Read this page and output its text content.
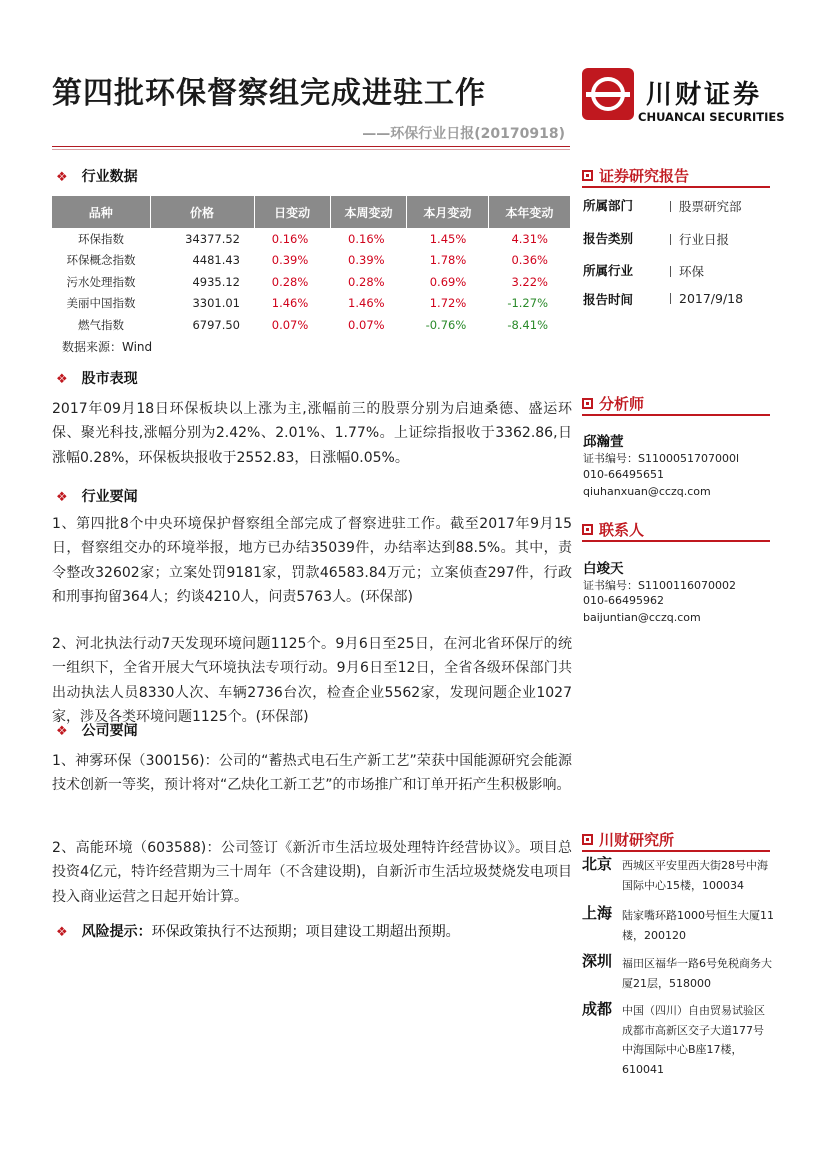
第四批环保督察组完成进驻工作
——环保行业日报(20170918)
川财证券
CHUANCAI SECURITIES
❖ 行业数据
品种	价格	日变动	本周变动	本月变动	本年变动
环保指数	34377.52	0.16%	0.16%	1.45%	4.31%
环保概念指数	4481.43	0.39%	0.39%	1.78%	0.36%
污水处理指数	4935.12	0.28%	0.28%	0.69%	3.22%
美丽中国指数	3301.01	1.46%	1.46%	1.72%	-1.27%
燃气指数	6797.50	0.07%	0.07%	-0.76%	-8.41%
数据来源：Wind
❖ 股市表现
2017年09月18日环保板块以上涨为主,涨幅前三的股票分别为启迪桑德、盛运环保、聚光科技,涨幅分别为2.42%、2.01%、1.77%。上证综指报收于3362.86,日涨幅0.28%，环保板块报收于2552.83，日涨幅0.05%。
❖ 行业要闻
1、第四批8个中央环境保护督察组全部完成了督察进驻工作。截至2017年9月15日，督察组交办的环境举报，地方已办结35039件，办结率达到88.5%。其中，责令整改32602家；立案处罚9181家，罚款46583.84万元；立案侦查297件，行政和刑事拘留364人；约谈4210人，问责5763人。(环保部)
2、河北执法行动7天发现环境问题1125个。9月6日至25日，在河北省环保厅的统一组织下，全省开展大气环境执法专项行动。9月6日至12日，全省各级环保部门共出动执法人员8330人次、车辆2736台次，检查企业5562家，发现问题企业1027家，涉及各类环境问题1125个。(环保部)
❖ 公司要闻
1、神雾环保（300156)：公司的“蓄热式电石生产新工艺”荣获中国能源研究会能源技术创新一等奖，预计将对“乙炔化工新工艺”的市场推广和订单开拓产生积极影响。
2、高能环境（603588)：公司签订《新沂市生活垃圾处理特许经营协议》。项目总投资4亿元，特许经营期为三十周年（不含建设期)，自新沂市生活垃圾焚烧发电项目投入商业运营之日起开始计算。
❖ 风险提示：环保政策执行不达预期；项目建设工期超出预期。
证券研究报告
所属部门	股票研究部
报告类别	行业日报
所属行业	环保
报告时间	2017/9/18
分析师
邱瀚萱
证书编号：S1100051707000l
010-66495651
qiuhanxuan@cczq.com
联系人
白竣天
证书编号：S1100116070002
010-66495962
baijuntian@cczq.com
川财研究所
北京 西城区平安里西大街28号中海国际中心15楼，100034
上海 陆家嘴环路1000号恒生大厦11楼，200120
深圳 福田区福华一路6号免税商务大厦21层，518000
成都 中国（四川）自由贸易试验区成都市高新区交子大道177号中海国际中心B座17楼，610041
